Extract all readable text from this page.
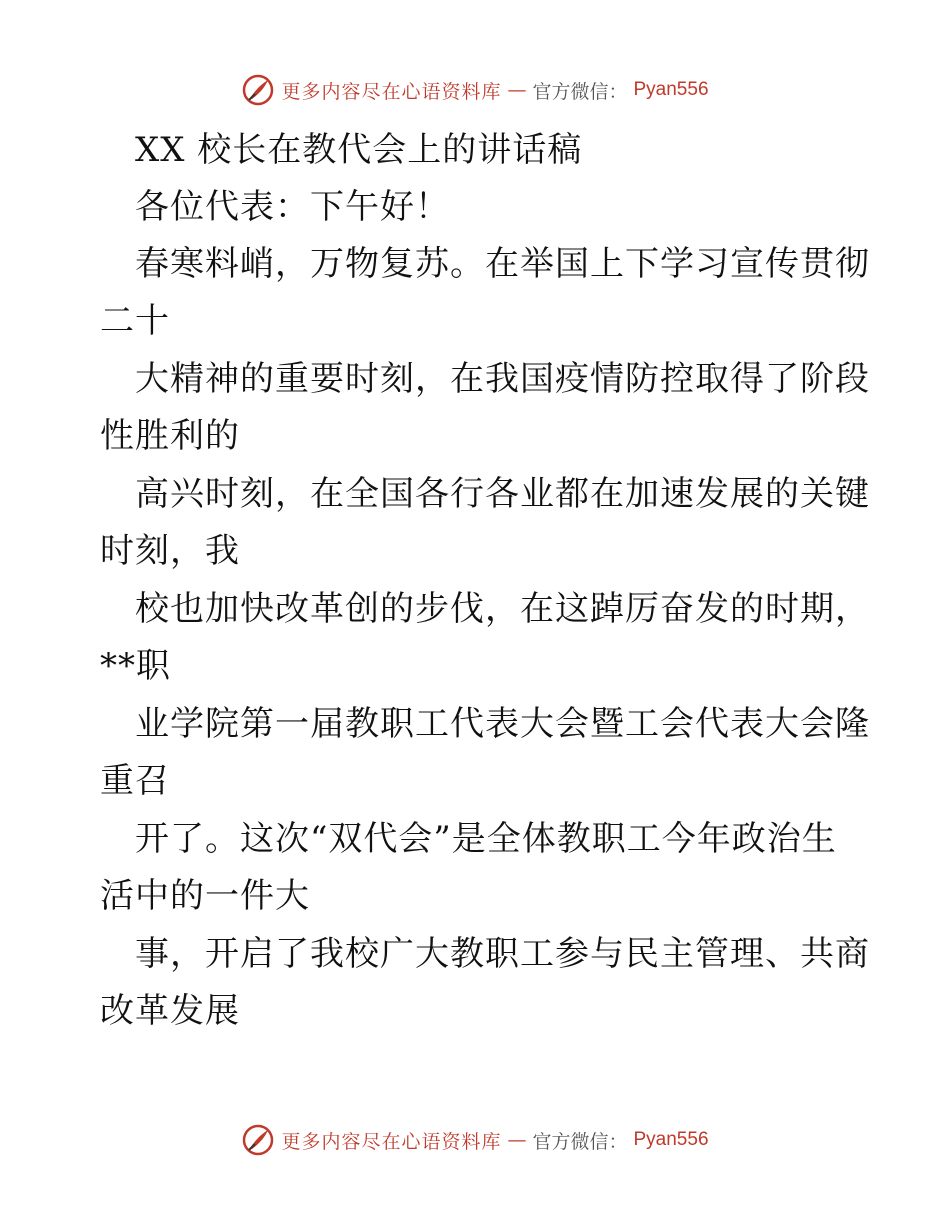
更多内容尽在心语资料库 — 官方微信： Pyan556
XX 校长在教代会上的讲话稿
各位代表：下午好！
春寒料峭，万物复苏。在举国上下学习宣传贯彻
二十
大精神的重要时刻，在我国疫情防控取得了阶段
性胜利的
高兴时刻，在全国各行各业都在加速发展的关键
时刻，我
校也加快改革创的步伐，在这踔厉奋发的时期，
**职
业学院第一届教职工代表大会暨工会代表大会隆
重召
开了。这次“双代会”是全体教职工今年政治生
活中的一件大
事，开启了我校广大教职工参与民主管理、共商
改革发展
更多内容尽在心语资料库 — 官方微信： Pyan556
